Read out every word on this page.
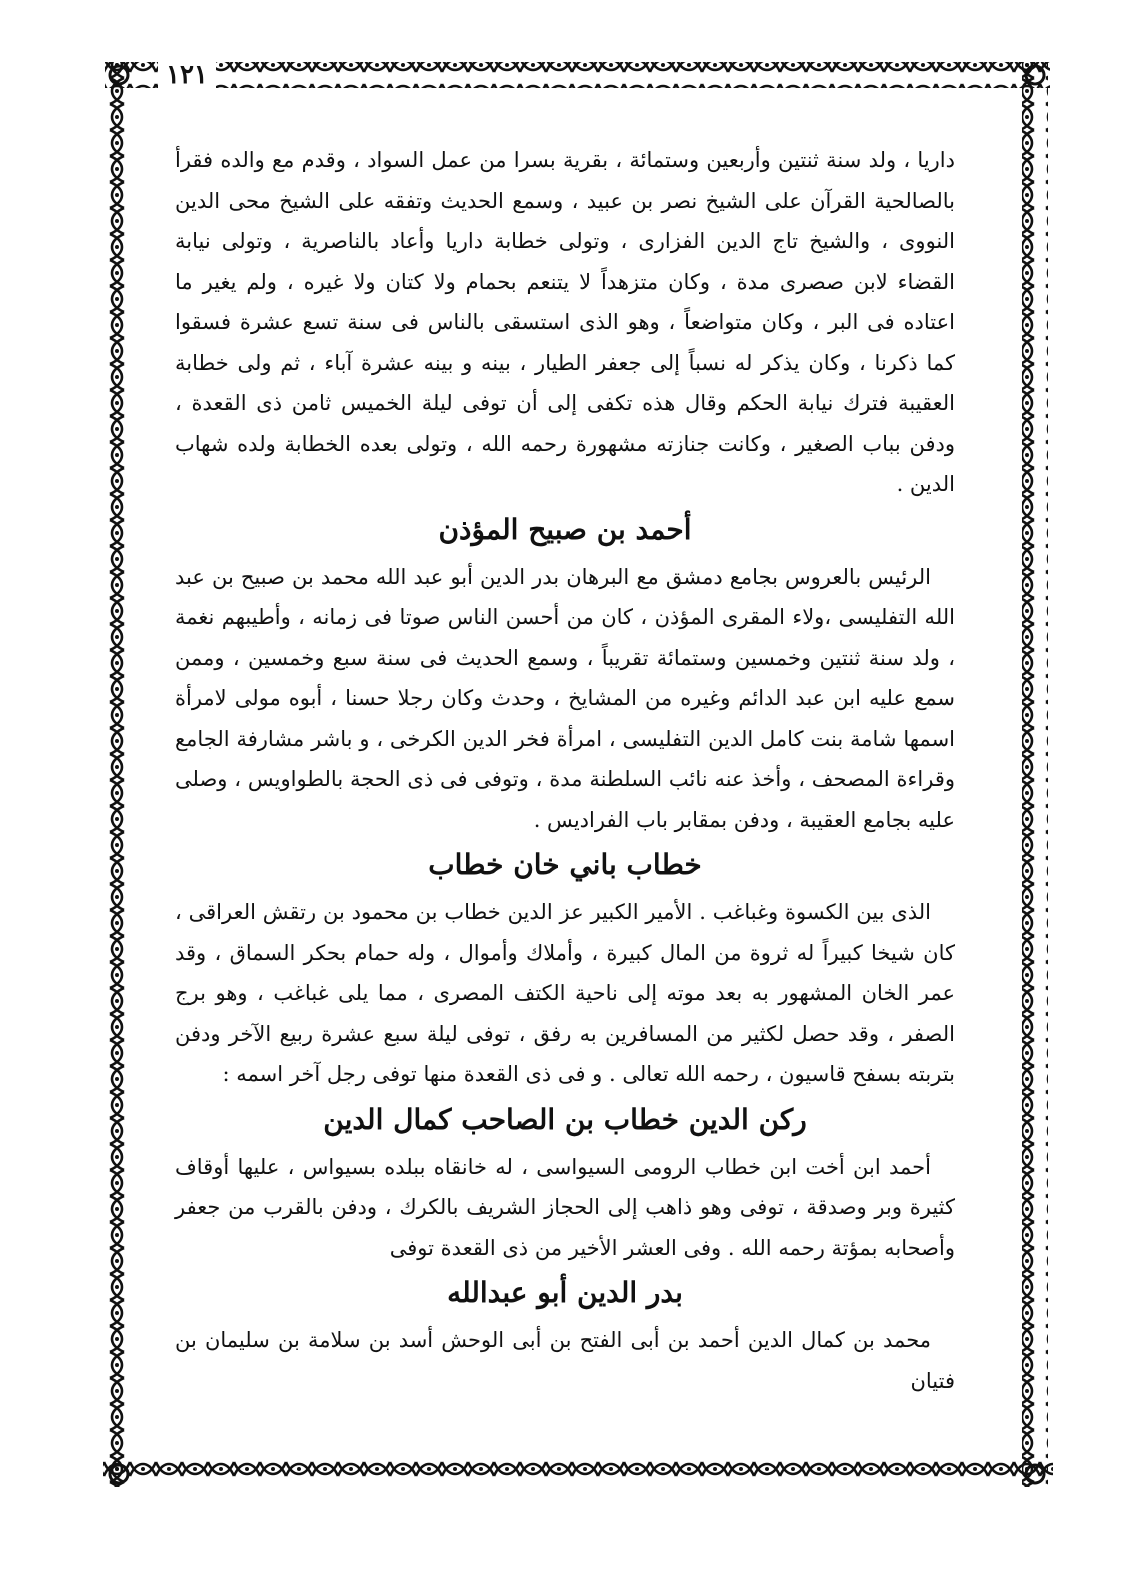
١٢١

داريا ، ولد سنة ثنتين وأربعين وستمائة ، بقرية بسرا من عمل السواد ، وقدم مع والده فقرأ بالصالحية القرآن على الشيخ نصر بن عبيد ، وسمع الحديث وتفقه على الشيخ محى الدين النووى ، والشيخ تاج الدين الفزارى ، وتولى خطابة داريا وأعاد بالناصرية ، وتولى نيابة القضاء لابن صصرى مدة ، وكان متزهداً لا يتنعم بحمام ولا كتان ولا غيره ، ولم يغير ما اعتاده فى البر ، وكان متواضعاً ، وهو الذى استسقى بالناس فى سنة تسع عشرة فسقوا كما ذكرنا ، وكان يذكر له نسباً إلى جعفر الطيار ، بينه و بينه عشرة آباء ، ثم ولى خطابة العقيبة فترك نيابة الحكم وقال هذه تكفى إلى أن توفى ليلة الخميس ثامن ذى القعدة ، ودفن بباب الصغير ، وكانت جنازته مشهورة رحمه الله ، وتولى بعده الخطابة ولده شهاب الدين .

أحمد بن صبيح المؤذن

الرئيس بالعروس بجامع دمشق مع البرهان بدر الدين أبو عبد الله محمد بن صبيح بن عبد الله التفليسى ،ولاء المقرى المؤذن ، كان من أحسن الناس صوتا فى زمانه ، وأطيبهم نغمة ، ولد سنة ثنتين وخمسين وستمائة تقريباً ، وسمع الحديث فى سنة سبع وخمسين ، وممن سمع عليه ابن عبد الدائم وغيره من المشايخ ، وحدث وكان رجلا حسنا ، أبوه مولى لامرأة اسمها شامة بنت كامل الدين التفليسى ، امرأة فخر الدين الكرخى ، و باشر مشارفة الجامع وقراءة المصحف ، وأخذ عنه نائب السلطنة مدة ، وتوفى فى ذى الحجة بالطواويس ، وصلى عليه بجامع العقيبة ، ودفن بمقابر باب الفراديس .

خطاب باني خان خطاب

الذى بين الكسوة وغباغب . الأمير الكبير عز الدين خطاب بن محمود بن رتقش العراقى ، كان شيخا كبيراً له ثروة من المال كبيرة ، وأملاك وأموال ، وله حمام بحكر السماق ، وقد عمر الخان المشهور به بعد موته إلى ناحية الكتف المصرى ، مما يلى غباغب ، وهو برج الصفر ، وقد حصل لكثير من المسافرين به رفق ، توفى ليلة سبع عشرة ربيع الآخر ودفن بتربته بسفح قاسيون ، رحمه الله تعالى . و فى ذى القعدة منها توفى رجل آخر اسمه :

ركن الدين خطاب بن الصاحب كمال الدين

أحمد ابن أخت ابن خطاب الرومى السيواسى ، له خانقاه ببلده بسيواس ، عليها أوقاف كثيرة وبر وصدقة ، توفى وهو ذاهب إلى الحجاز الشريف بالكرك ، ودفن بالقرب من جعفر وأصحابه بمؤتة رحمه الله . وفى العشر الأخير من ذى القعدة توفى

بدر الدين أبو عبدالله

محمد بن كمال الدين أحمد بن أبى الفتح بن أبى الوحش أسد بن سلامة بن سليمان بن فتيان
